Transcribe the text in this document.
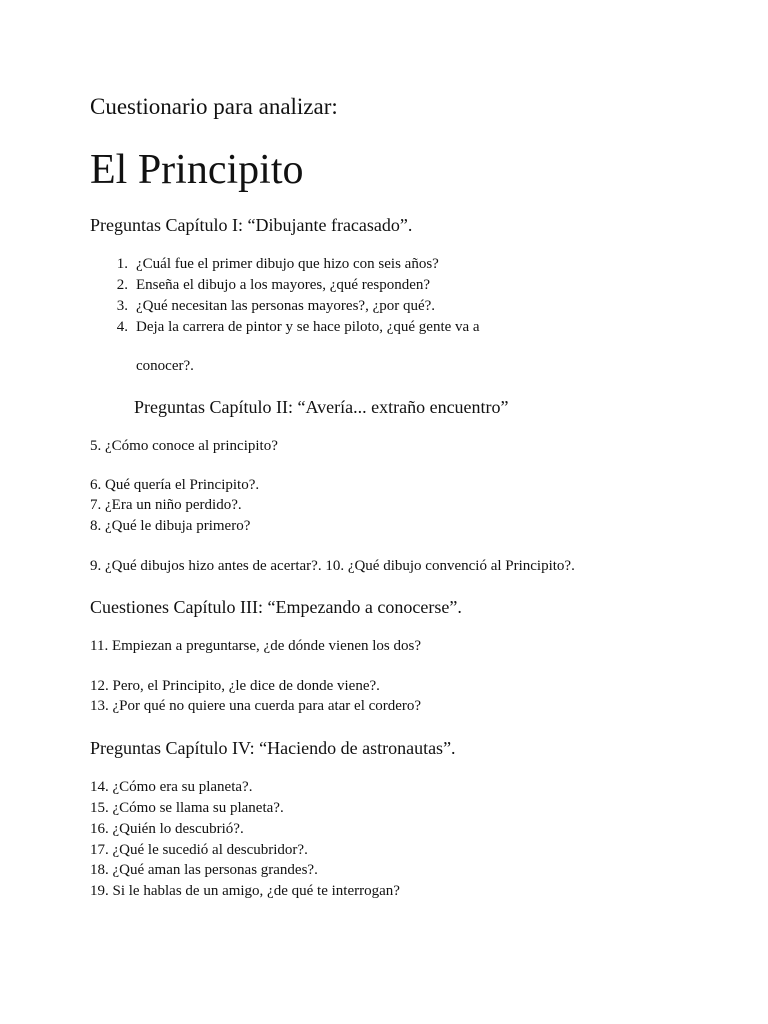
Cuestionario para analizar:
El Principito
Preguntas Capítulo I: “Dibujante fracasado”.
1. ¿Cuál fue el primer dibujo que hizo con seis años?
2. Enseña el dibujo a los mayores, ¿qué responden?
3. ¿Qué necesitan las personas mayores?, ¿por qué?.
4. Deja la carrera de pintor y se hace piloto, ¿qué gente va a
conocer?.
Preguntas Capítulo II: “Avería... extraño encuentro”
5. ¿Cómo conoce al principito?
6. Qué quería el Principito?.
7. ¿Era un niño perdido?.
8. ¿Qué le dibuja primero?
9. ¿Qué dibujos hizo antes de acertar?. 10. ¿Qué dibujo convenció al Principito?.
Cuestiones Capítulo III: “Empezando a conocerse”.
11. Empiezan a preguntarse, ¿de dónde vienen los dos?
12. Pero, el Principito, ¿le dice de donde viene?.
13. ¿Por qué no quiere una cuerda para atar el cordero?
Preguntas Capítulo IV: “Haciendo de astronautas”.
14. ¿Cómo era su planeta?.
15. ¿Cómo se llama su planeta?.
16. ¿Quién lo descubrió?.
17. ¿Qué le sucedió al descubridor?.
18. ¿Qué aman las personas grandes?.
19. Si le hablas de un amigo, ¿de qué te interrogan?
